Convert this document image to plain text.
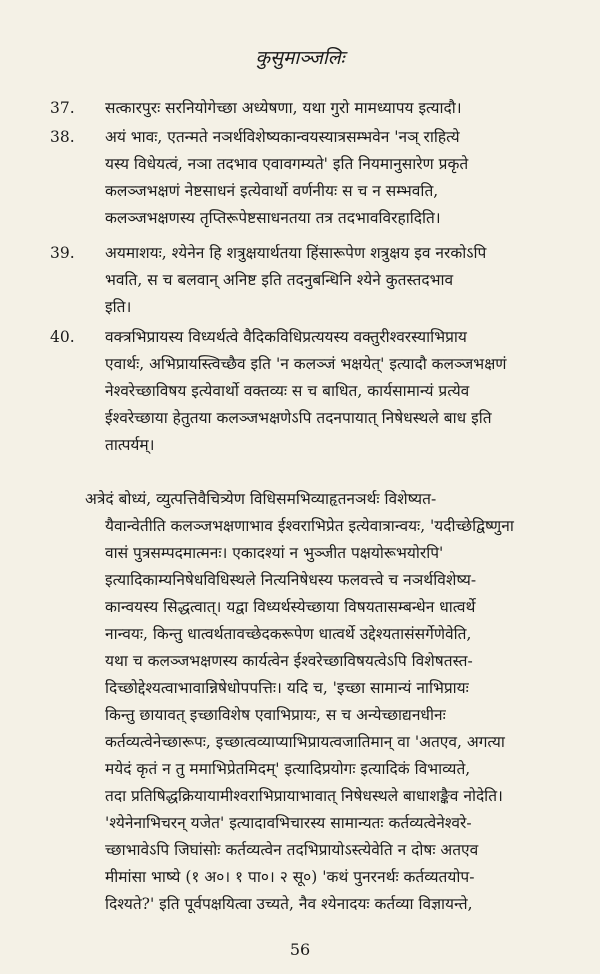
कुसुमाञ्जलिः
37. सत्कारपुरः सरनियोगेच्छा अध्येषणा, यथा गुरो मामध्यापय इत्यादौ।
38. अयं भावः, एतन्मते नञर्थविशेष्यकान्वयस्यात्रसम्भवेन 'नञ् राहित्ये
यस्य विधेयत्वं, नञा तदभाव एवावगम्यते' इति नियमानुसारेण प्रकृते
कलञ्जभक्षणं नेष्टसाधनं इत्येवार्थो वर्णनीयः स च न सम्भवति,
कलञ्जभक्षणस्य तृप्तिरूपेष्टसाधनतया तत्र तदभावविरहादिति।
39. अयमाशयः, श्येनेन हि शत्रुक्षयार्थतया हिंसारूपेण शत्रुक्षय इव नरकोऽपि
भवति, स च बलवान् अनिष्ट इति तदनुबन्धिनि श्येने कुतस्तदभाव
इति।
40. वक्त्रभिप्रायस्य विध्यर्थत्वे वैदिकविधिप्रत्ययस्य वक्तुरीश्वरस्याभिप्राय
एवार्थः, अभिप्रायस्त्विच्छैव इति 'न कलञ्जं भक्षयेत्' इत्यादौ कलञ्जभक्षणं
नेश्वरेच्छाविषय इत्येवार्थो वक्तव्यः स च बाधित, कार्यसामान्यं प्रत्येव
ईश्वरेच्छाया हेतुतया कलञ्जभक्षणेऽपि तदनपायात् निषेधस्थले बाध इति
तात्पर्यम्।
अत्रेदं बोध्यं, व्युत्पत्तिवैचित्र्येण विधिसमभिव्याहृतनञर्थः विशेष्यत-
यैवान्वेतीति कलञ्जभक्षणाभाव ईश्वराभिप्रेत इत्येवात्रान्वयः, 'यदीच्छेद्विष्णुना
वासं पुत्रसम्पदमात्मनः। एकादश्यां न भुञ्जीत पक्षयोरूभयोरपि'
इत्यादिकाम्यनिषेधविधिस्थले नित्यनिषेधस्य फलवत्त्वे च नञर्थविशेष्य-
कान्वयस्य सिद्धत्वात्। यद्वा विध्यर्थस्येच्छाया विषयतासम्बन्धेन धात्वर्थे
नान्वयः, किन्तु धात्वर्थतावच्छेदकरूपेण धात्वर्थे उद्देश्यतासंसर्गेणेवेति,
यथा च कलञ्जभक्षणस्य कार्यत्वेन ईश्वरेच्छाविषयत्वेऽपि विशेषतस्त-
दिच्छोद्देश्यत्वाभावान्निषेधोपपत्तिः। यदि च, 'इच्छा सामान्यं नाभिप्रायः
किन्तु छायावत् इच्छाविशेष एवाभिप्रायः, स च अन्येच्छाद्यनधीनः
कर्तव्यत्वेनेच्छारूपः, इच्छात्वव्याप्याभिप्रायत्वजातिमान् वा 'अतएव, अगत्या
मयेदं कृतं न तु ममाभिप्रेतमिदम्' इत्यादिप्रयोगः इत्यादिकं विभाव्यते,
तदा प्रतिषिद्धक्रियायामीश्वराभिप्रायाभावात् निषेधस्थले बाधाशङ्कैव नोदेति।
'श्येनेनाभिचरन् यजेत' इत्यादावभिचारस्य सामान्यतः कर्तव्यत्वेनेश्वरे-
च्छाभावेऽपि जिघांसोः कर्तव्यत्वेन तदभिप्रायोऽस्त्येवेति न दोषः अतएव
मीमांसा भाष्ये (१ अ०। १ पा०। २ सू०) 'कथं पुनरनर्थः कर्तव्यतयोप-
दिश्यते?' इति पूर्वपक्षयित्वा उच्यते, नैव श्येनादयः कर्तव्या विज्ञायन्ते,
56
